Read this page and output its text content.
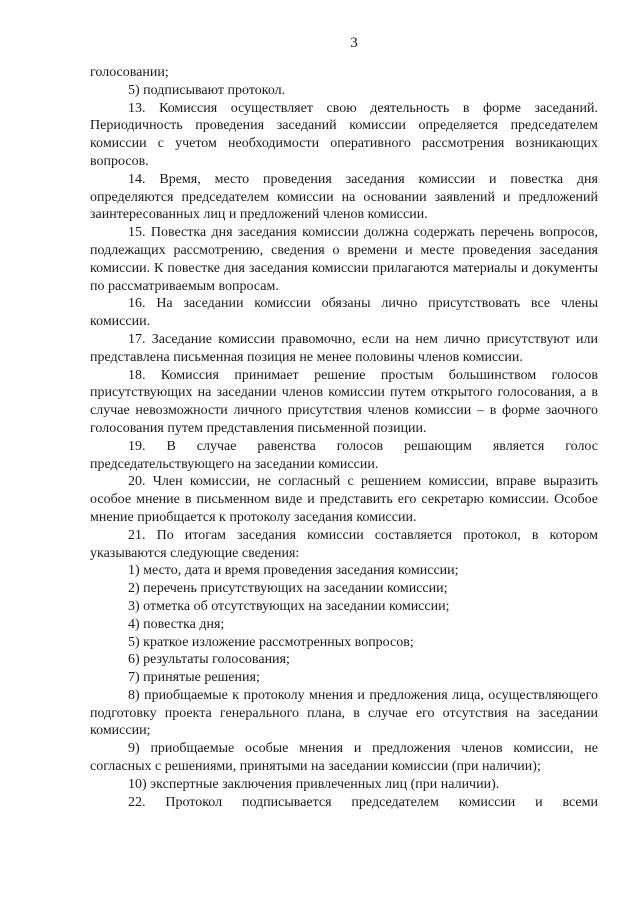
3

голосовании;

5) подписывают протокол.

13. Комиссия осуществляет свою деятельность в форме заседаний. Периодичность проведения заседаний комиссии определяется председателем комиссии с учетом необходимости оперативного рассмотрения возникающих вопросов.

14. Время, место проведения заседания комиссии и повестка дня определяются председателем комиссии на основании заявлений и предложений заинтересованных лиц и предложений членов комиссии.

15. Повестка дня заседания комиссии должна содержать перечень вопросов, подлежащих рассмотрению, сведения о времени и месте проведения заседания комиссии. К повестке дня заседания комиссии прилагаются материалы и документы по рассматриваемым вопросам.

16. На заседании комиссии обязаны лично присутствовать все члены комиссии.

17. Заседание комиссии правомочно, если на нем лично присутствуют или представлена письменная позиция не менее половины членов комиссии.

18. Комиссия принимает решение простым большинством голосов присутствующих на заседании членов комиссии путем открытого голосования, а в случае невозможности личного присутствия членов комиссии – в форме заочного голосования путем представления письменной позиции.

19. В случае равенства голосов решающим является голос председательствующего на заседании комиссии.

20. Член комиссии, не согласный с решением комиссии, вправе выразить особое мнение в письменном виде и представить его секретарю комиссии. Особое мнение приобщается к протоколу заседания комиссии.

21. По итогам заседания комиссии составляется протокол, в котором указываются следующие сведения:

1) место, дата и время проведения заседания комиссии;

2) перечень присутствующих на заседании комиссии;

3) отметка об отсутствующих на заседании комиссии;

4) повестка дня;

5) краткое изложение рассмотренных вопросов;

6) результаты голосования;

7) принятые решения;

8) приобщаемые к протоколу мнения и предложения лица, осуществляющего подготовку проекта генерального плана, в случае его отсутствия на заседании комиссии;

9) приобщаемые особые мнения и предложения членов комиссии, не согласных с решениями, принятыми на заседании комиссии (при наличии);

10) экспертные заключения привлеченных лиц (при наличии).

22. Протокол подписывается председателем комиссии и всеми
